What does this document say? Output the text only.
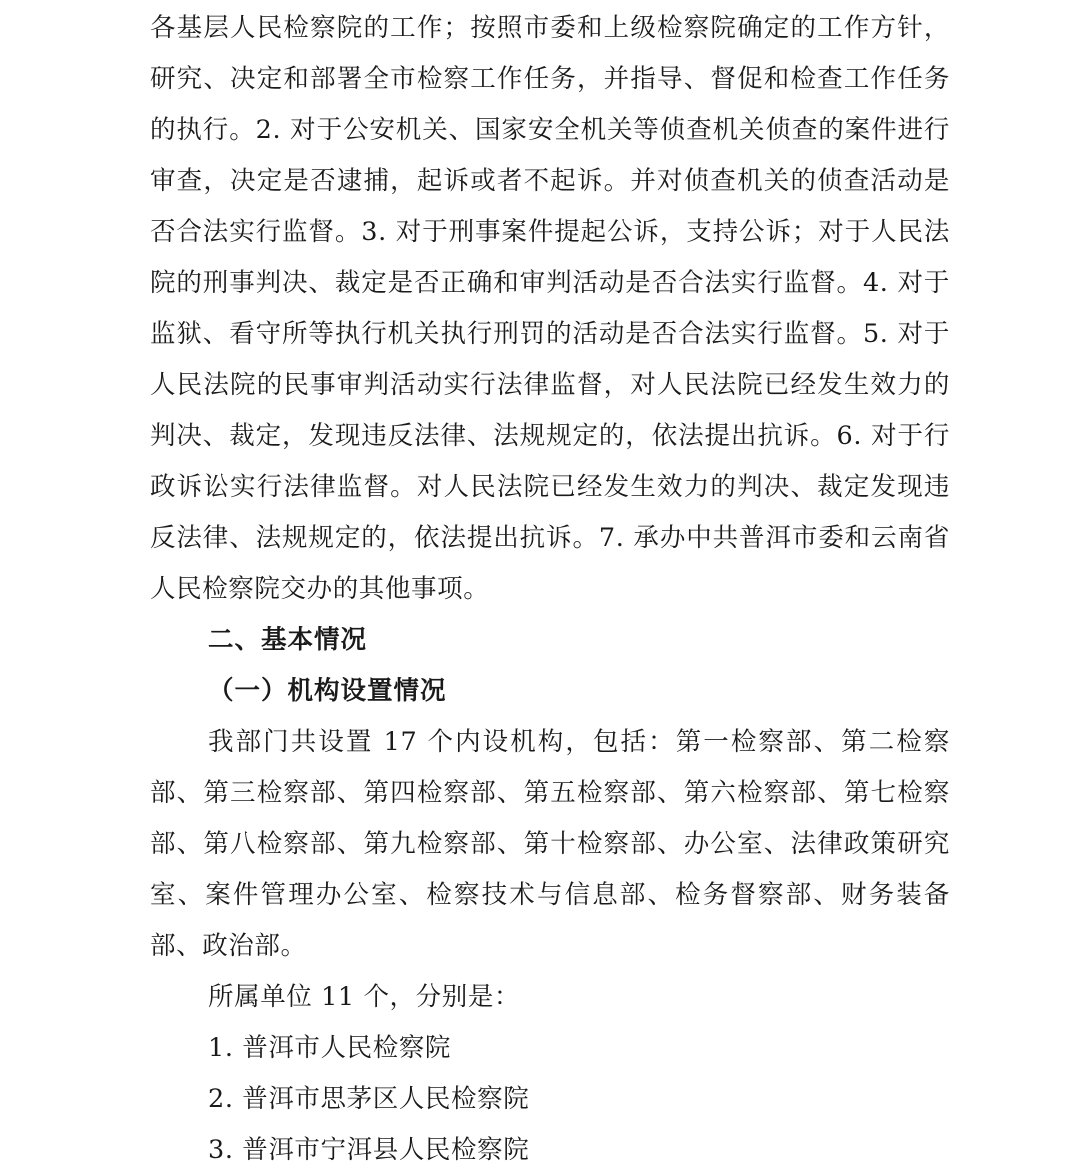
各基层人民检察院的工作；按照市委和上级检察院确定的工作方针，研究、决定和部署全市检察工作任务，并指导、督促和检查工作任务的执行。2. 对于公安机关、国家安全机关等侦查机关侦查的案件进行审查，决定是否逮捕，起诉或者不起诉。并对侦查机关的侦查活动是否合法实行监督。3. 对于刑事案件提起公诉，支持公诉；对于人民法院的刑事判决、裁定是否正确和审判活动是否合法实行监督。4. 对于监狱、看守所等执行机关执行刑罚的活动是否合法实行监督。5. 对于人民法院的民事审判活动实行法律监督，对人民法院已经发生效力的判决、裁定，发现违反法律、法规规定的，依法提出抗诉。6. 对于行政诉讼实行法律监督。对人民法院已经发生效力的判决、裁定发现违反法律、法规规定的，依法提出抗诉。7. 承办中共普洱市委和云南省人民检察院交办的其他事项。

二、基本情况

（一）机构设置情况

我部门共设置 17 个内设机构，包括：第一检察部、第二检察部、第三检察部、第四检察部、第五检察部、第六检察部、第七检察部、第八检察部、第九检察部、第十检察部、办公室、法律政策研究室、案件管理办公室、检察技术与信息部、检务督察部、财务装备部、政治部。

所属单位 11 个，分别是：

1. 普洱市人民检察院

2. 普洱市思茅区人民检察院

3. 普洱市宁洱县人民检察院
